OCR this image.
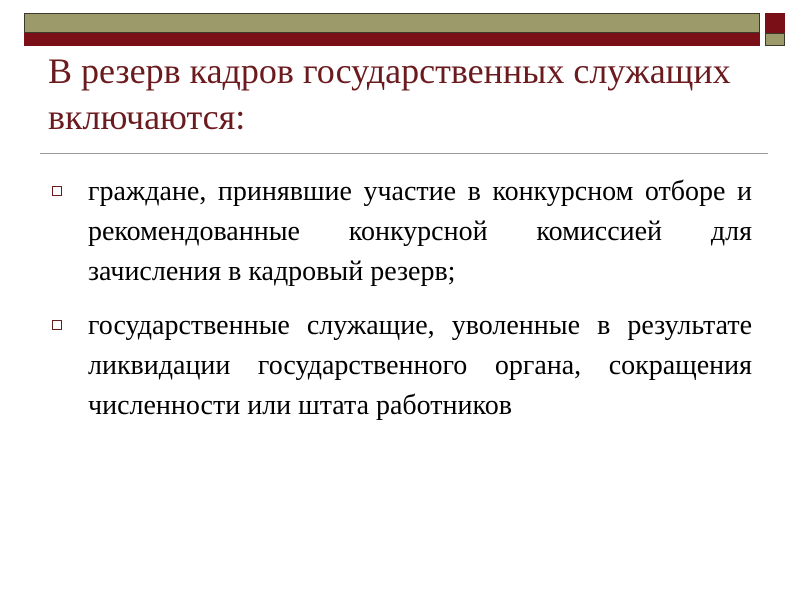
В резерв кадров государственных служащих включаются:
граждане, принявшие участие в конкурсном отборе и рекомендованные конкурсной комиссией для зачисления в кадровый резерв;
государственные служащие, уволенные в результате ликвидации государственного органа, сокращения численности или штата работников
